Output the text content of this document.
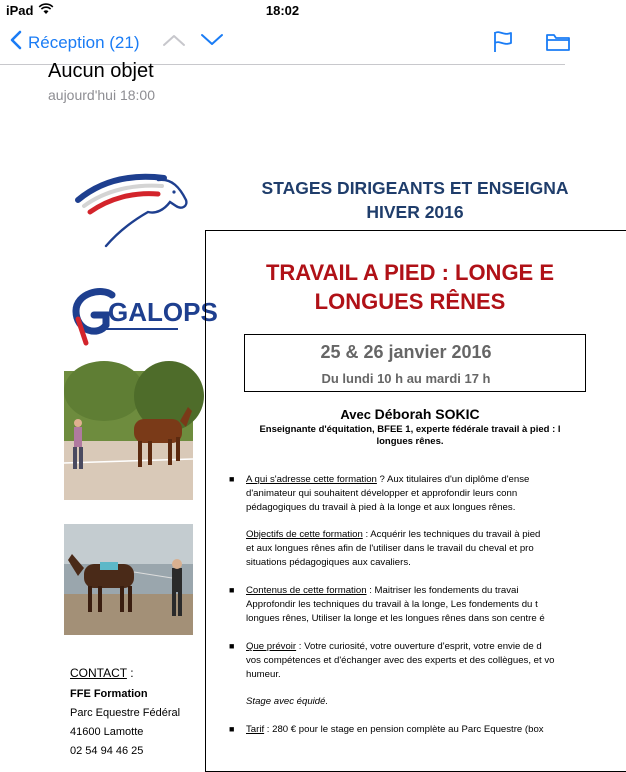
iPad	18:02
Réception (21)
Aucun objet
aujourd'hui 18:00
GALOPS
CONTACT :
FFE Formation
Parc Equestre Fédéral
41600 Lamotte
02 54 94 46 25
STAGES DIRIGEANTS ET ENSEIGNA
HIVER 2016
TRAVAIL A PIED : LONGE E
LONGUES RÊNES
25 & 26 janvier 2016
Du lundi 10 h au mardi 17 h
Avec Déborah SOKIC
Enseignante d'équitation, BFEE 1, experte fédérale travail à pied : l
longues rênes.
■ A qui s'adresse cette formation ? Aux titulaires d'un diplôme d'ense
d'animateur qui souhaitent développer et approfondir leurs conn
pédagogiques du travail à pied à la longe et aux longues rênes.
Objectifs de cette formation : Acquérir les techniques du travail à pied
et aux longues rênes afin de l'utiliser dans le travail du cheval et pro
situations pédagogiques aux cavaliers.
■ Contenus de cette formation : Maitriser les fondements du travai
Approfondir les techniques du travail à la longe, Les fondements du t
longues rênes, Utiliser la longe et les longues rênes dans son centre é
■ Que prévoir : Votre curiosité, votre ouverture d'esprit, votre envie de d
vos compétences et d'échanger avec des experts et des collègues, et vo
humeur.
Stage avec équidé.
■ Tarif : 280 € pour le stage en pension complète au Parc Equestre (box
